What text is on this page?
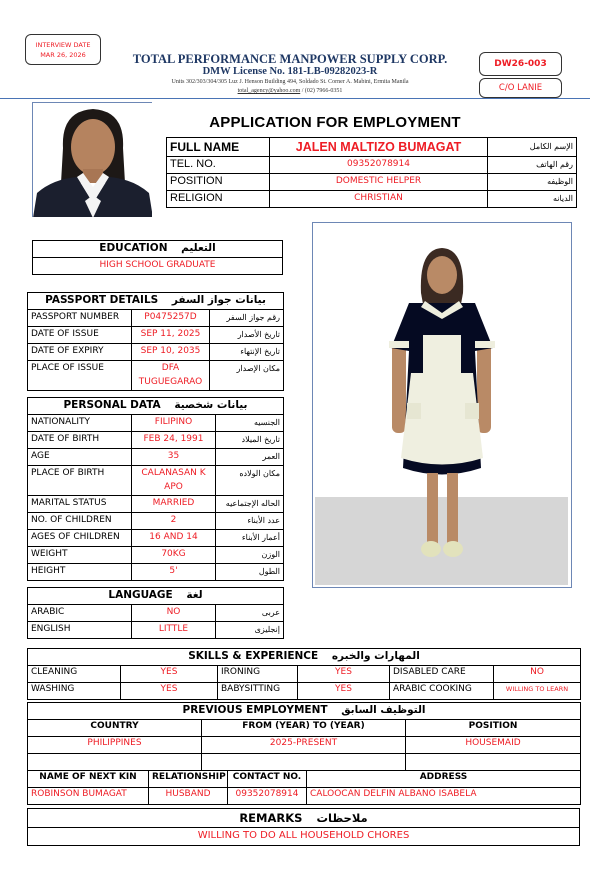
INTERVIEW DATE
MAR 26, 2026	TOTAL PERFORMANCE MANPOWER SUPPLY CORP.
DMW License No. 181-LB-09282023-R
Units 302/303/304/305 Luz J. Henson Building 494, Soldado St. Corner A. Mabini, Ermita Manila
total_agency@yahoo.com / (02) 7966-0351
DW26-003
C/O LANIE
APPLICATION FOR EMPLOYMENT
FULL NAME	JALEN MALTIZO BUMAGAT	الإسم الكامل
TEL. NO.	09352078914	رقم الهاتف
POSITION	DOMESTIC HELPER	الوظيفه
RELIGION	CHRISTIAN	الديانه
EDUCATION التعليم
HIGH SCHOOL GRADUATE
PASSPORT DETAILS بيانات جواز السفر		
PASSPORT NUMBER	P0475257D	رقم جواز السفر
DATE OF ISSUE	SEP 11, 2025	تاريخ الأصدار
DATE OF EXPIRY	SEP 10, 2035	تاريخ الإنتهاء
PLACE OF ISSUE	DFA TUGUEGARAO	مكان الإصدار
PERSONAL DATA بيانات شخصية		
NATIONALITY	FILIPINO	الجنسيه
DATE OF BIRTH	FEB 24, 1991	تاريخ الميلاد
AGE	35	العمر
PLACE OF BIRTH	CALANASAN K APO	مكان الولاده
MARITAL STATUS	MARRIED	الحاله الإجتماعيه
NO. OF CHILDREN	2	عدد الأبناء
AGES OF CHILDREN	16 AND 14	أعمار الأبناء
WEIGHT	70KG	الوزن
HEIGHT	5'	الطول
LANGUAGE لغة		
ARABIC	NO	عربى
ENGLISH	LITTLE	إنجليزى
SKILLS & EXPERIENCE المهارات والخبره					
CLEANING	YES	IRONING	YES	DISABLED CARE	NO
WASHING	YES	BABYSITTING	YES	ARABIC COOKING	WILLING TO LEARN
PREVIOUS EMPLOYMENT التوظيف السابق		
COUNTRY	FROM (YEAR) TO (YEAR)	POSITION
PHILIPPINES	2025-PRESENT	HOUSEMAID

NAME OF NEXT KIN	RELATIONSHIP	CONTACT NO.	ADDRESS
ROBINSON BUMAGAT	HUSBAND	09352078914	CALOOCAN DELFIN ALBANO ISABELA
REMARKS ملاحظات
WILLING TO DO ALL HOUSEHOLD CHORES
